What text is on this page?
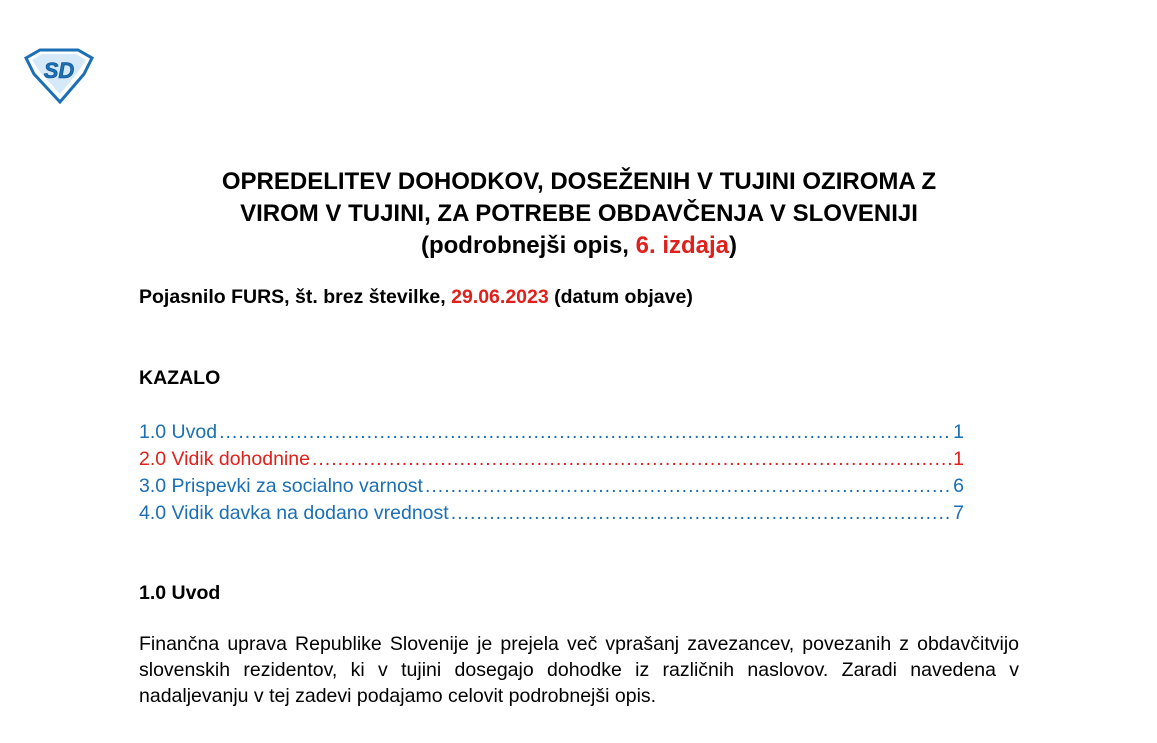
SD
OPREDELITEV DOHODKOV, DOSEŽENIH V TUJINI OZIROMA Z
VIROM V TUJINI, ZA POTREBE OBDAVČENJA V SLOVENIJI
(podrobnejši opis, 6. izdaja)
Pojasnilo FURS, št. brez številke, 29.06.2023 (datum objave)
KAZALO
1.0 Uvod .....	1
2.0 Vidik dohodnine .....	1
3.0 Prispevki za socialno varnost .....	6
4.0 Vidik davka na dodano vrednost .....	7
1.0 Uvod
Finančna uprava Republike Slovenije je prejela več vprašanj zavezancev, povezanih z obdavčitvijo slovenskih rezidentov, ki v tujini dosegajo dohodke iz različnih naslovov. Zaradi navedena v nadaljevanju v tej zadevi podajamo celovit podrobnejši opis.
